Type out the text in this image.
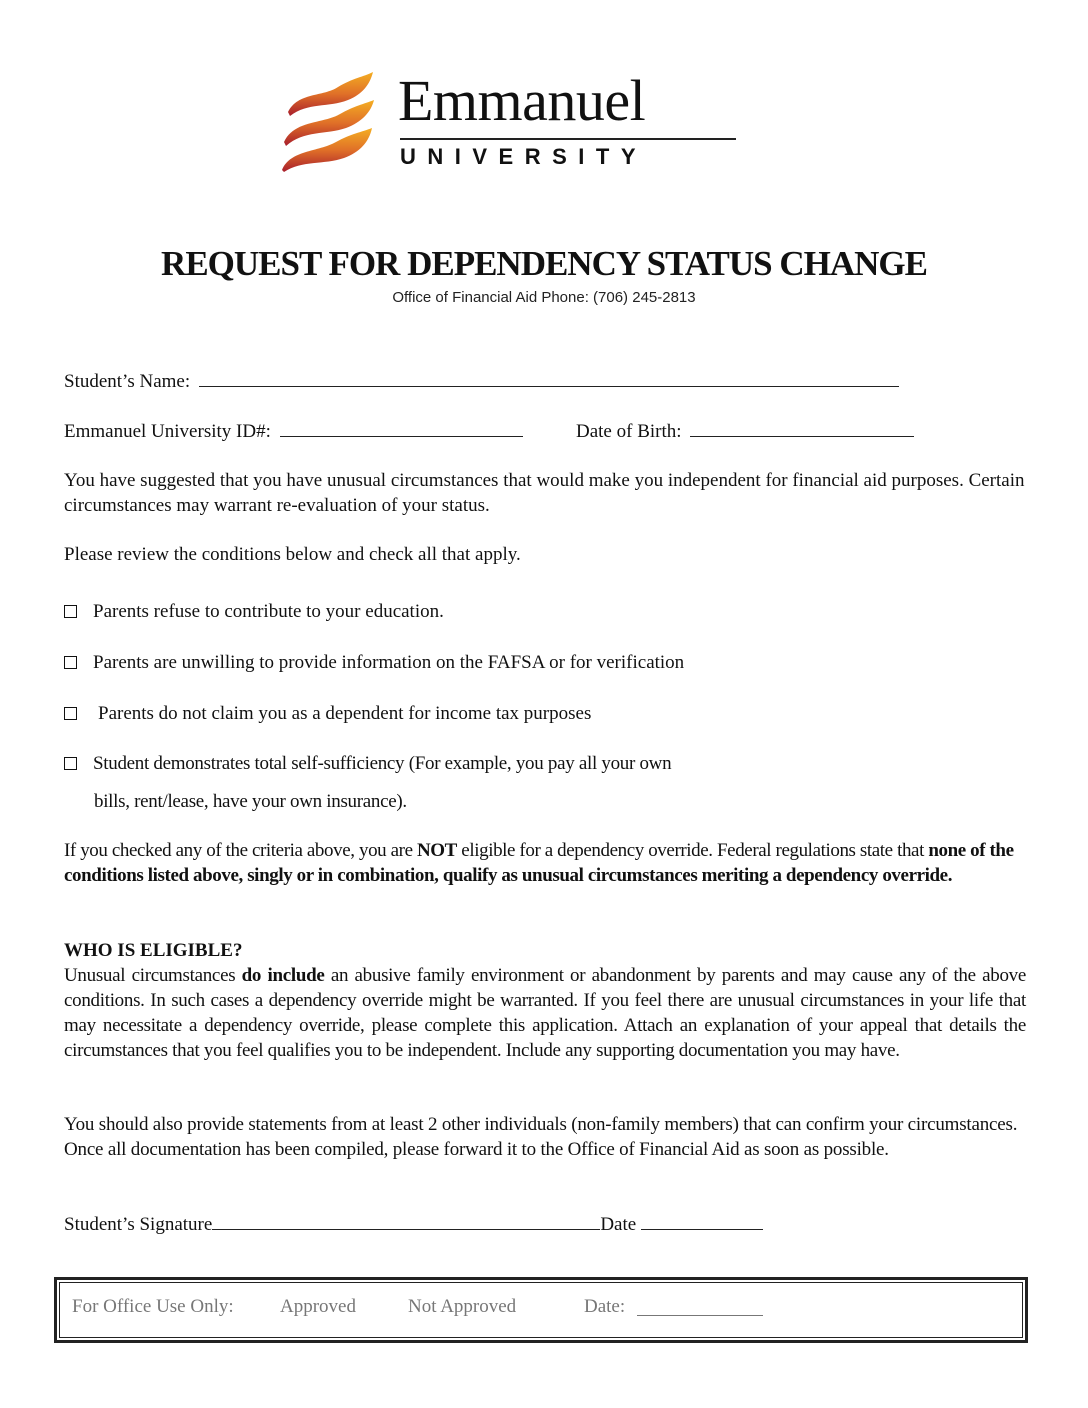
Emmanuel
UNIVERSITY
REQUEST FOR DEPENDENCY STATUS CHANGE
Office of Financial Aid Phone: (706) 245-2813
Student’s Name:
Emmanuel University ID#:	Date of Birth:
You have suggested that you have unusual circumstances that would make you independent for financial aid purposes. Certain circumstances may warrant re-evaluation of your status.
Please review the conditions below and check all that apply.
Parents refuse to contribute to your education.
Parents are unwilling to provide information on the FAFSA or for verification
Parents do not claim you as a dependent for income tax purposes
Student demonstrates total self-sufficiency (For example, you pay all your own
bills, rent/lease, have your own insurance).
If you checked any of the criteria above, you are NOT eligible for a dependency override. Federal regulations state that none of the conditions listed above, singly or in combination, qualify as unusual circumstances meriting a dependency override.
WHO IS ELIGIBLE?
Unusual circumstances do include an abusive family environment or abandonment by parents and may cause any of the above conditions. In such cases a dependency override might be warranted. If you feel there are unusual circumstances in your life that may necessitate a dependency override, please complete this application. Attach an explanation of your appeal that details the circumstances that you feel qualifies you to be independent. Include any supporting documentation you may have.
You should also provide statements from at least 2 other individuals (non-family members) that can confirm your circumstances. Once all documentation has been compiled, please forward it to the Office of Financial Aid as soon as possible.
Student’s Signature	Date
For Office Use Only: Approved	Not Approved	Date:
